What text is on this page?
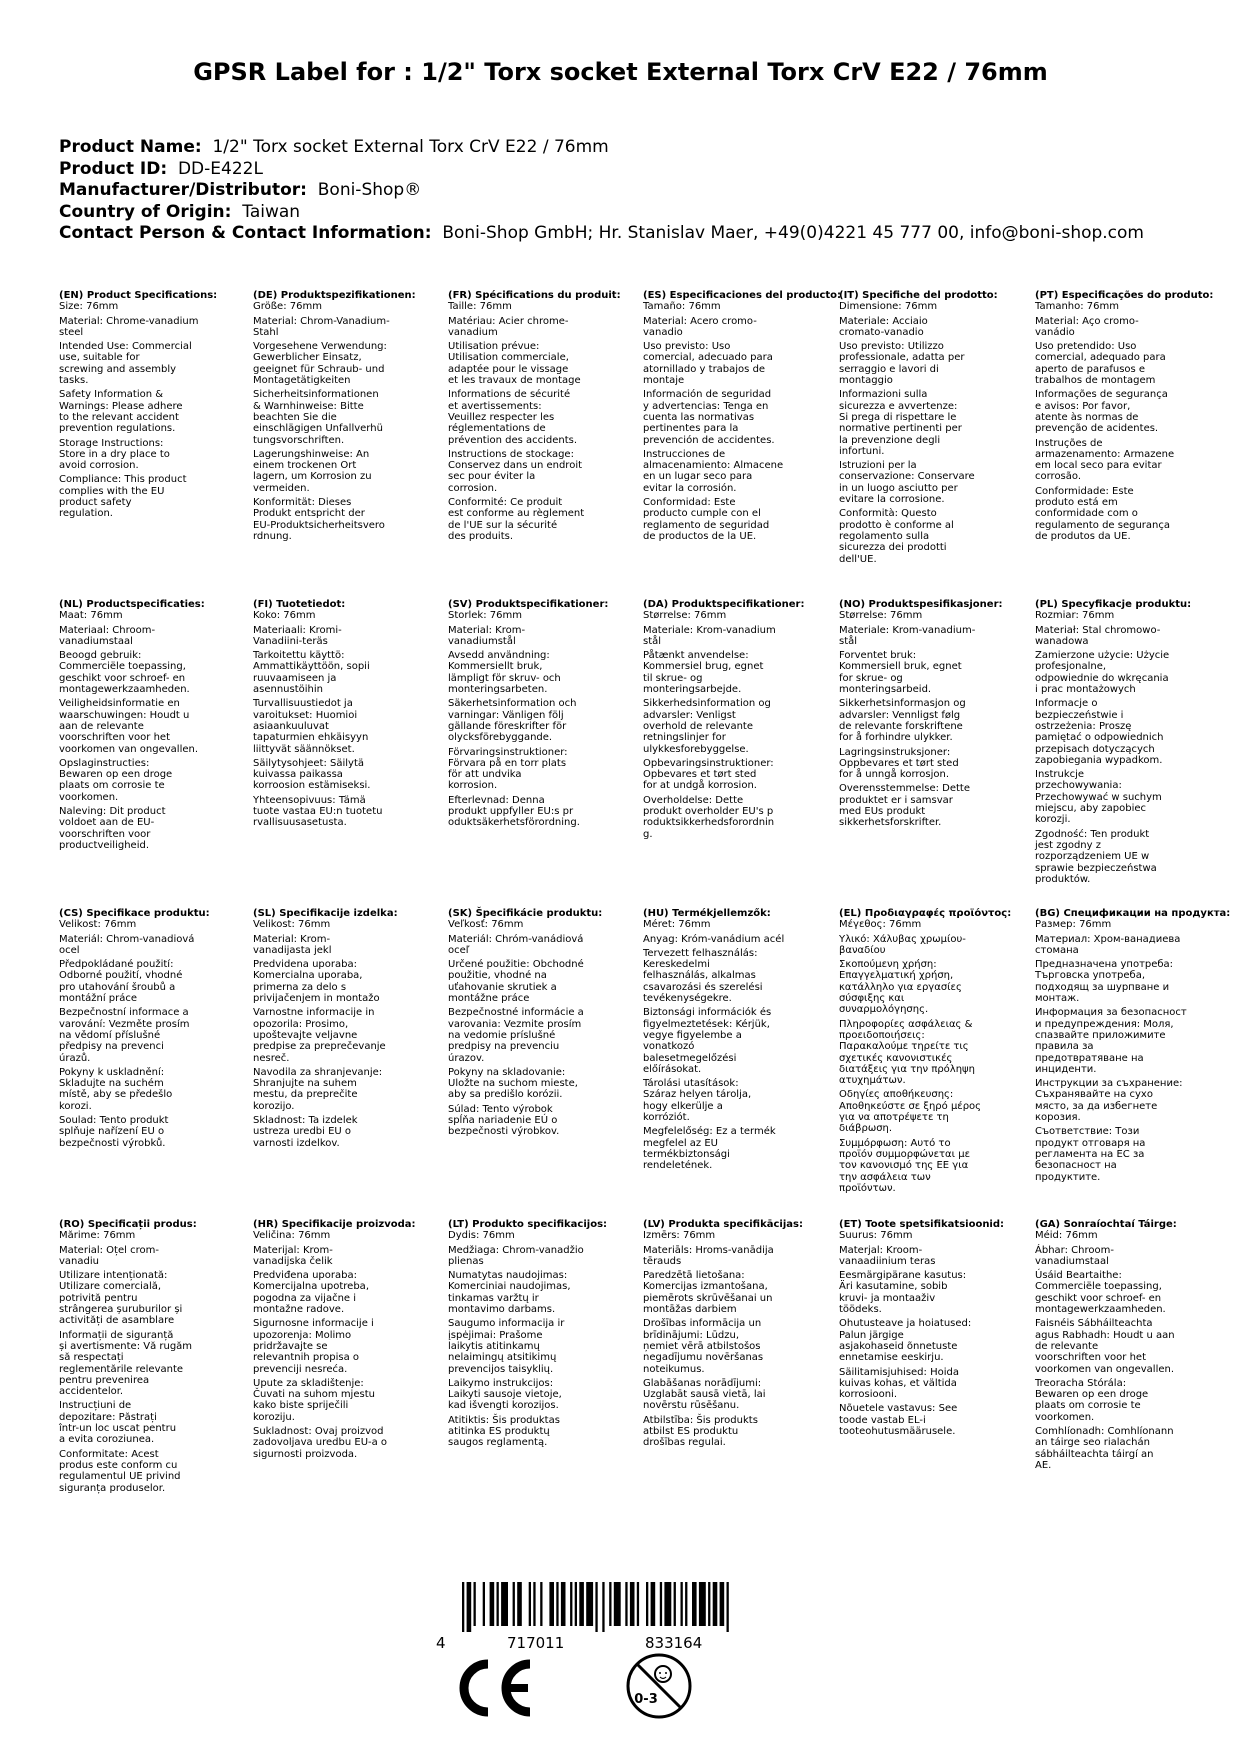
GPSR Label for : 1/2" Torx socket External Torx CrV E22 / 76mm
Product Name: 1/2" Torx socket External Torx CrV E22 / 76mm
Product ID: DD-E422L
Manufacturer/Distributor: Boni-Shop®
Country of Origin: Taiwan
Contact Person & Contact Information: Boni-Shop GmbH; Hr. Stanislav Maer, +49(0)4221 45 777 00, info@boni-shop.com
(EN) Product Specifications:
Size: 76mm
Material: Chrome-vanadium
steel
Intended Use: Commercial
use, suitable for
screwing and assembly
tasks.
Safety Information &
Warnings: Please adhere
to the relevant accident
prevention regulations.
Storage Instructions:
Store in a dry place to
avoid corrosion.
Compliance: This product
complies with the EU
product safety
regulation.
(DE) Produktspezifikationen:
Größe: 76mm
Material: Chrom-Vanadium-
Stahl
Vorgesehene Verwendung:
Gewerblicher Einsatz,
geeignet für Schraub- und
Montagetätigkeiten
Sicherheitsinformationen
& Warnhinweise: Bitte
beachten Sie die
einschlägigen Unfallverhü
tungsvorschriften.
Lagerungshinweise: An
einem trockenen Ort
lagern, um Korrosion zu
vermeiden.
Konformität: Dieses
Produkt entspricht der
EU-Produktsicherheitsvero
rdnung.
(FR) Spécifications du produit:
Taille: 76mm
Matériau: Acier chrome-
vanadium
Utilisation prévue:
Utilisation commerciale,
adaptée pour le vissage
et les travaux de montage
Informations de sécurité
et avertissements:
Veuillez respecter les
réglementations de
prévention des accidents.
Instructions de stockage:
Conservez dans un endroit
sec pour éviter la
corrosion.
Conformité: Ce produit
est conforme au règlement
de l'UE sur la sécurité
des produits.
(ES) Especificaciones del producto:
Tamaño: 76mm
Material: Acero cromo-
vanadio
Uso previsto: Uso
comercial, adecuado para
atornillado y trabajos de
montaje
Información de seguridad
y advertencias: Tenga en
cuenta las normativas
pertinentes para la
prevención de accidentes.
Instrucciones de
almacenamiento: Almacene
en un lugar seco para
evitar la corrosión.
Conformidad: Este
producto cumple con el
reglamento de seguridad
de productos de la UE.
(IT) Specifiche del prodotto:
Dimensione: 76mm
Materiale: Acciaio
cromato-vanadio
Uso previsto: Utilizzo
professionale, adatta per
serraggio e lavori di
montaggio
Informazioni sulla
sicurezza e avvertenze:
Si prega di rispettare le
normative pertinenti per
la prevenzione degli
infortuni.
Istruzioni per la
conservazione: Conservare
in un luogo asciutto per
evitare la corrosione.
Conformità: Questo
prodotto è conforme al
regolamento sulla
sicurezza dei prodotti
dell'UE.
(PT) Especificações do produto:
Tamanho: 76mm
Material: Aço cromo-
vanádio
Uso pretendido: Uso
comercial, adequado para
aperto de parafusos e
trabalhos de montagem
Informações de segurança
e avisos: Por favor,
atente às normas de
prevenção de acidentes.
Instruções de
armazenamento: Armazene
em local seco para evitar
corrosão.
Conformidade: Este
produto está em
conformidade com o
regulamento de segurança
de produtos da UE.
(NL) Productspecificaties:
Maat: 76mm
Materiaal: Chroom-
vanadiumstaal
Beoogd gebruik:
Commerciële toepassing,
geschikt voor schroef- en
montagewerkzaamheden.
Veiligheidsinformatie en
waarschuwingen: Houdt u
aan de relevante
voorschriften voor het
voorkomen van ongevallen.
Opslaginstructies:
Bewaren op een droge
plaats om corrosie te
voorkomen.
Naleving: Dit product
voldoet aan de EU-
voorschriften voor
productveiligheid.
(FI) Tuotetiedot:
Koko: 76mm
Materiaali: Kromi-
Vanadiini-teräs
Tarkoitettu käyttö:
Ammattikäyttöön, sopii
ruuvaamiseen ja
asennustöihin
Turvallisuustiedot ja
varoitukset: Huomioi
asiaankuuluvat
tapaturmien ehkäisyyn
liittyvät säännökset.
Säilytysohjeet: Säilytä
kuivassa paikassa
korroosion estämiseksi.
Yhteensopivuus: Tämä
tuote vastaa EU:n tuotetu
rvallisuusasetusta.
(SV) Produktspecifikationer:
Storlek: 76mm
Material: Krom-
vanadiumstål
Avsedd användning:
Kommersiellt bruk,
lämpligt för skruv- och
monteringsarbeten.
Säkerhetsinformation och
varningar: Vänligen följ
gällande föreskrifter för
olycksförebyggande.
Förvaringsinstruktioner:
Förvara på en torr plats
för att undvika
korrosion.
Efterlevnad: Denna
produkt uppfyller EU:s pr
oduktsäkerhetsförordning.
(DA) Produktspecifikationer:
Størrelse: 76mm
Materiale: Krom-vanadium
stål
Påtænkt anvendelse:
Kommersiel brug, egnet
til skrue- og
monteringsarbejde.
Sikkerhedsinformation og
advarsler: Venligst
overhold de relevante
retningslinjer for
ulykkesforebyggelse.
Opbevaringsinstruktioner:
Opbevares et tørt sted
for at undgå korrosion.
Overholdelse: Dette
produkt overholder EU's p
roduktsikkerhedsforordnin
g.
(NO) Produktspesifikasjoner:
Størrelse: 76mm
Materiale: Krom-vanadium-
stål
Forventet bruk:
Kommersiell bruk, egnet
for skrue- og
monteringsarbeid.
Sikkerhetsinformasjon og
advarsler: Vennligst følg
de relevante forskriftene
for å forhindre ulykker.
Lagringsinstruksjoner:
Oppbevares et tørt sted
for å unngå korrosjon.
Overensstemmelse: Dette
produktet er i samsvar
med EUs produkt
sikkerhetsforskrifter.
(PL) Specyfikacje produktu:
Rozmiar: 76mm
Materiał: Stal chromowo-
wanadowa
Zamierzone użycie: Użycie
profesjonalne,
odpowiednie do wkręcania
i prac montażowych
Informacje o
bezpieczeństwie i
ostrzeżenia: Proszę
pamiętać o odpowiednich
przepisach dotyczących
zapobiegania wypadkom.
Instrukcje
przechowywania:
Przechowywać w suchym
miejscu, aby zapobiec
korozji.
Zgodność: Ten produkt
jest zgodny z
rozporządzeniem UE w
sprawie bezpieczeństwa
produktów.
(CS) Specifikace produktu:
Velikost: 76mm
Materiál: Chrom-vanadiová
ocel
Předpokládané použití:
Odborné použití, vhodné
pro utahování šroubů a
montážní práce
Bezpečnostní informace a
varování: Vezměte prosím
na vědomí příslušné
předpisy na prevenci
úrazů.
Pokyny k uskladnění:
Skladujte na suchém
místě, aby se předešlo
korozi.
Soulad: Tento produkt
splňuje nařízení EU o
bezpečnosti výrobků.
(SL) Specifikacije izdelka:
Velikost: 76mm
Material: Krom-
vanadijasta jekl
Predvidena uporaba:
Komercialna uporaba,
primerna za delo s
privijačenjem in montažo
Varnostne informacije in
opozorila: Prosimo,
upoštevajte veljavne
predpise za preprečevanje
nesreč.
Navodila za shranjevanje:
Shranjujte na suhem
mestu, da preprečite
korozijo.
Skladnost: Ta izdelek
ustreza uredbi EU o
varnosti izdelkov.
(SK) Špecifikácie produktu:
Veľkosť: 76mm
Materiál: Chróm-vanádiová
oceľ
Určené použitie: Obchodné
použitie, vhodné na
uťahovanie skrutiek a
montážne práce
Bezpečnostné informácie a
varovania: Vezmite prosím
na vedomie príslušné
predpisy na prevenciu
úrazov.
Pokyny na skladovanie:
Uložte na suchom mieste,
aby sa predišlo korózii.
Súlad: Tento výrobok
spĺňa nariadenie EÚ o
bezpečnosti výrobkov.
(HU) Termékjellemzők:
Méret: 76mm
Anyag: Króm-vanádium acél
Tervezett felhasználás:
Kereskedelmi
felhasználás, alkalmas
csavarozási és szerelési
tevékenységekre.
Biztonsági információk és
figyelmeztetések: Kérjük,
vegye figyelembe a
vonatkozó
balesetmegelőzési
előírásokat.
Tárolási utasítások:
Száraz helyen tárolja,
hogy elkerülje a
korróziót.
Megfelelőség: Ez a termék
megfelel az EU
termékbiztonsági
rendeletének.
(EL) Προδιαγραφές προϊόντος:
Μέγεθος: 76mm
Υλικό: Χάλυβας χρωμίου-
βαναδίου
Σκοπούμενη χρήση:
Επαγγελματική χρήση,
κατάλληλο για εργασίες
σύσφιξης και
συναρμολόγησης.
Πληροφορίες ασφάλειας &
προειδοποιήσεις:
Παρακαλούμε τηρείτε τις
σχετικές κανονιστικές
διατάξεις για την πρόληψη
ατυχημάτων.
Οδηγίες αποθήκευσης:
Αποθηκεύστε σε ξηρό μέρος
για να αποτρέψετε τη
διάβρωση.
Συμμόρφωση: Αυτό το
προϊόν συμμορφώνεται με
τον κανονισμό της ΕΕ για
την ασφάλεια των
προϊόντων.
(BG) Спецификации на продукта:
Размер: 76mm
Материал: Хром-ванадиева
стомана
Предназначена употреба:
Търговска употреба,
подходящ за шурпване и
монтаж.
Информация за безопасност
и предупреждения: Моля,
спазвайте приложимите
правила за
предотвратяване на
инциденти.
Инструкции за съхранение:
Съхранявайте на сухо
място, за да избегнете
корозия.
Съответствие: Този
продукт отговаря на
регламента на ЕС за
безопасност на
продуктите.
(RO) Specificații produs:
Mărime: 76mm
Material: Oțel crom-
vanadiu
Utilizare intenționată:
Utilizare comercială,
potrivită pentru
strângerea șuruburilor și
activități de asamblare
Informații de siguranță
și avertismente: Vă rugăm
să respectați
reglementările relevante
pentru prevenirea
accidentelor.
Instrucțiuni de
depozitare: Păstrați
într-un loc uscat pentru
a evita coroziunea.
Conformitate: Acest
produs este conform cu
regulamentul UE privind
siguranța produselor.
(HR) Specifikacije proizvoda:
Veličina: 76mm
Materijal: Krom-
vanadijska čelik
Predviđena uporaba:
Komercijalna upotreba,
pogodna za vijačne i
montažne radove.
Sigurnosne informacije i
upozorenja: Molimo
pridržavajte se
relevantnih propisa o
prevenciji nesreća.
Upute za skladištenje:
Čuvati na suhom mjestu
kako biste spriječili
koroziju.
Sukladnost: Ovaj proizvod
zadovoljava uredbu EU-a o
sigurnosti proizvoda.
(LT) Produkto specifikacijos:
Dydis: 76mm
Medžiaga: Chrom-vanadžio
plienas
Numatytas naudojimas:
Komerciniai naudojimas,
tinkamas varžtų ir
montavimo darbams.
Saugumo informacija ir
įspėjimai: Prašome
laikytis atitinkamų
nelaimingų atsitikimų
prevencijos taisyklių.
Laikymo instrukcijos:
Laikyti sausoje vietoje,
kad išvengti korozijos.
Atitiktis: Šis produktas
atitinka ES produktų
saugos reglamentą.
(LV) Produkta specifikācijas:
Izmērs: 76mm
Materiāls: Hroms-vanādija
tērauds
Paredzētā lietošana:
Komercijas izmantošana,
piemērots skrūvēšanai un
montāžas darbiem
Drošības informācija un
brīdinājumi: Lūdzu,
ņemiet vērā atbilstošos
negadījumu novēršanas
noteikumus.
Glabāšanas norādījumi:
Uzglabāt sausā vietā, lai
novērstu rūsēšanu.
Atbilstība: Šis produkts
atbilst ES produktu
drošības regulai.
(ET) Toote spetsifikatsioonid:
Suurus: 76mm
Materjal: Kroom-
vanaadiinium teras
Eesmärgipärane kasutus:
Äri kasutamine, sobib
kruvi- ja montaaživ
töödeks.
Ohutusteave ja hoiatused:
Palun järgige
asjakohaseid õnnetuste
ennetamise eeskirju.
Säilitamisjuhised: Hoida
kuivas kohas, et vältida
korrosiooni.
Nõuetele vastavus: See
toode vastab EL-i
tooteohutusmäärusele.
(GA) Sonraíochtaí Táirge:
Méid: 76mm
Ábhar: Chroom-
vanadiumstaal
Úsáid Beartaithe:
Commerciële toepassing,
geschikt voor schroef- en
montagewerkzaamheden.
Faisnéis Sábháilteachta
agus Rabhadh: Houdt u aan
de relevante
voorschriften voor het
voorkomen van ongevallen.
Treoracha Stórála:
Bewaren op een droge
plaats om corrosie te
voorkomen.
Comhlíonadh: Comhlíonann
an táirge seo rialachán
sábháilteachta táirgí an
AE.
4	717011	833164
0-3
